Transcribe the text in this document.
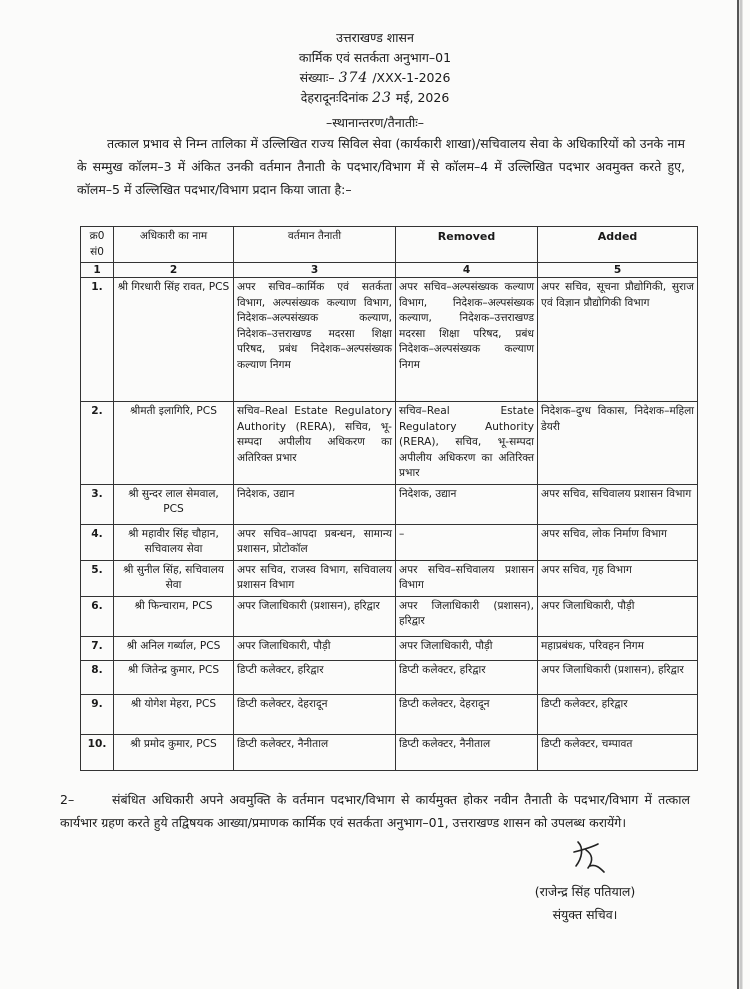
उत्तराखण्ड शासन
कार्मिक एवं सतर्कता अनुभाग–01
संख्याः– 374 /XXX-1-2026
देहरादूनःदिनांक 23 मई, 2026
–स्थानान्तरण/तैनातीः–
तत्काल प्रभाव से निम्न तालिका में उल्लिखित राज्य सिविल सेवा (कार्यकारी शाखा)/सचिवालय सेवा के अधिकारियों को उनके नाम के सम्मुख कॉलम–3 में अंकित उनकी वर्तमान तैनाती के पदभार/विभाग में से कॉलम–4 में उल्लिखित पदभार अवमुक्त करते हुए, कॉलम–5 में उल्लिखित पदभार/विभाग प्रदान किया जाता है:–
क्र0 सं0	अधिकारी का नाम	वर्तमान तैनाती	Removed	Added
1	2	3	4	5
1.	श्री गिरधारी सिंह रावत, PCS	अपर सचिव–कार्मिक एवं सतर्कता विभाग, अल्पसंख्यक कल्याण विभाग, निदेशक–अल्पसंख्यक कल्याण, निदेशक–उत्तराखण्ड मदरसा शिक्षा परिषद, प्रबंध निदेशक–अल्पसंख्यक कल्याण निगम	अपर सचिव–अल्पसंख्यक कल्याण विभाग, निदेशक–अल्पसंख्यक कल्याण, निदेशक–उत्तराखण्ड मदरसा शिक्षा परिषद, प्रबंध निदेशक–अल्पसंख्यक कल्याण निगम	अपर सचिव, सूचना प्रौद्योगिकी, सुराज एवं विज्ञान प्रौद्योगिकी विभाग
2.	श्रीमती इलागिरि, PCS	सचिव–Real Estate Regulatory Authority (RERA), सचिव, भू-सम्पदा अपीलीय अधिकरण का अतिरिक्त प्रभार	सचिव–Real Estate Regulatory Authority (RERA), सचिव, भू-सम्पदा अपीलीय अधिकरण का अतिरिक्त प्रभार	निदेशक–दुग्ध विकास, निदेशक–महिला डेयरी
3.	श्री सुन्दर लाल सेमवाल, PCS	निदेशक, उद्यान	निदेशक, उद्यान	अपर सचिव, सचिवालय प्रशासन विभाग
4.	श्री महावीर सिंह चौहान, सचिवालय सेवा	अपर सचिव–आपदा प्रबन्धन, सामान्य प्रशासन, प्रोटोकॉल	–	अपर सचिव, लोक निर्माण विभाग
5.	श्री सुनील सिंह, सचिवालय सेवा	अपर सचिव, राजस्व विभाग, सचिवालय प्रशासन विभाग	अपर सचिव–सचिवालय प्रशासन विभाग	अपर सचिव, गृह विभाग
6.	श्री फिन्चाराम, PCS	अपर जिलाधिकारी (प्रशासन), हरिद्वार	अपर जिलाधिकारी (प्रशासन), हरिद्वार	अपर जिलाधिकारी, पौड़ी
7.	श्री अनिल गर्ब्याल, PCS	अपर जिलाधिकारी, पौड़ी	अपर जिलाधिकारी, पौड़ी	महाप्रबंधक, परिवहन निगम
8.	श्री जितेन्द्र कुमार, PCS	डिप्टी कलेक्टर, हरिद्वार	डिप्टी कलेक्टर, हरिद्वार	अपर जिलाधिकारी (प्रशासन), हरिद्वार
9.	श्री योगेश मेहरा, PCS	डिप्टी कलेक्टर, देहरादून	डिप्टी कलेक्टर, देहरादून	डिप्टी कलेक्टर, हरिद्वार
10.	श्री प्रमोद कुमार, PCS	डिप्टी कलेक्टर, नैनीताल	डिप्टी कलेक्टर, नैनीताल	डिप्टी कलेक्टर, चम्पावत
2–	संबंधित अधिकारी अपने अवमुक्ति के वर्तमान पदभार/विभाग से कार्यमुक्त होकर नवीन तैनाती के पदभार/विभाग में तत्काल कार्यभार ग्रहण करते हुये तद्विषयक आख्या/प्रमाणक कार्मिक एवं सतर्कता अनुभाग–01, उत्तराखण्ड शासन को उपलब्ध करायेंगे।
(राजेन्द्र सिंह पतियाल)
संयुक्त सचिव।
